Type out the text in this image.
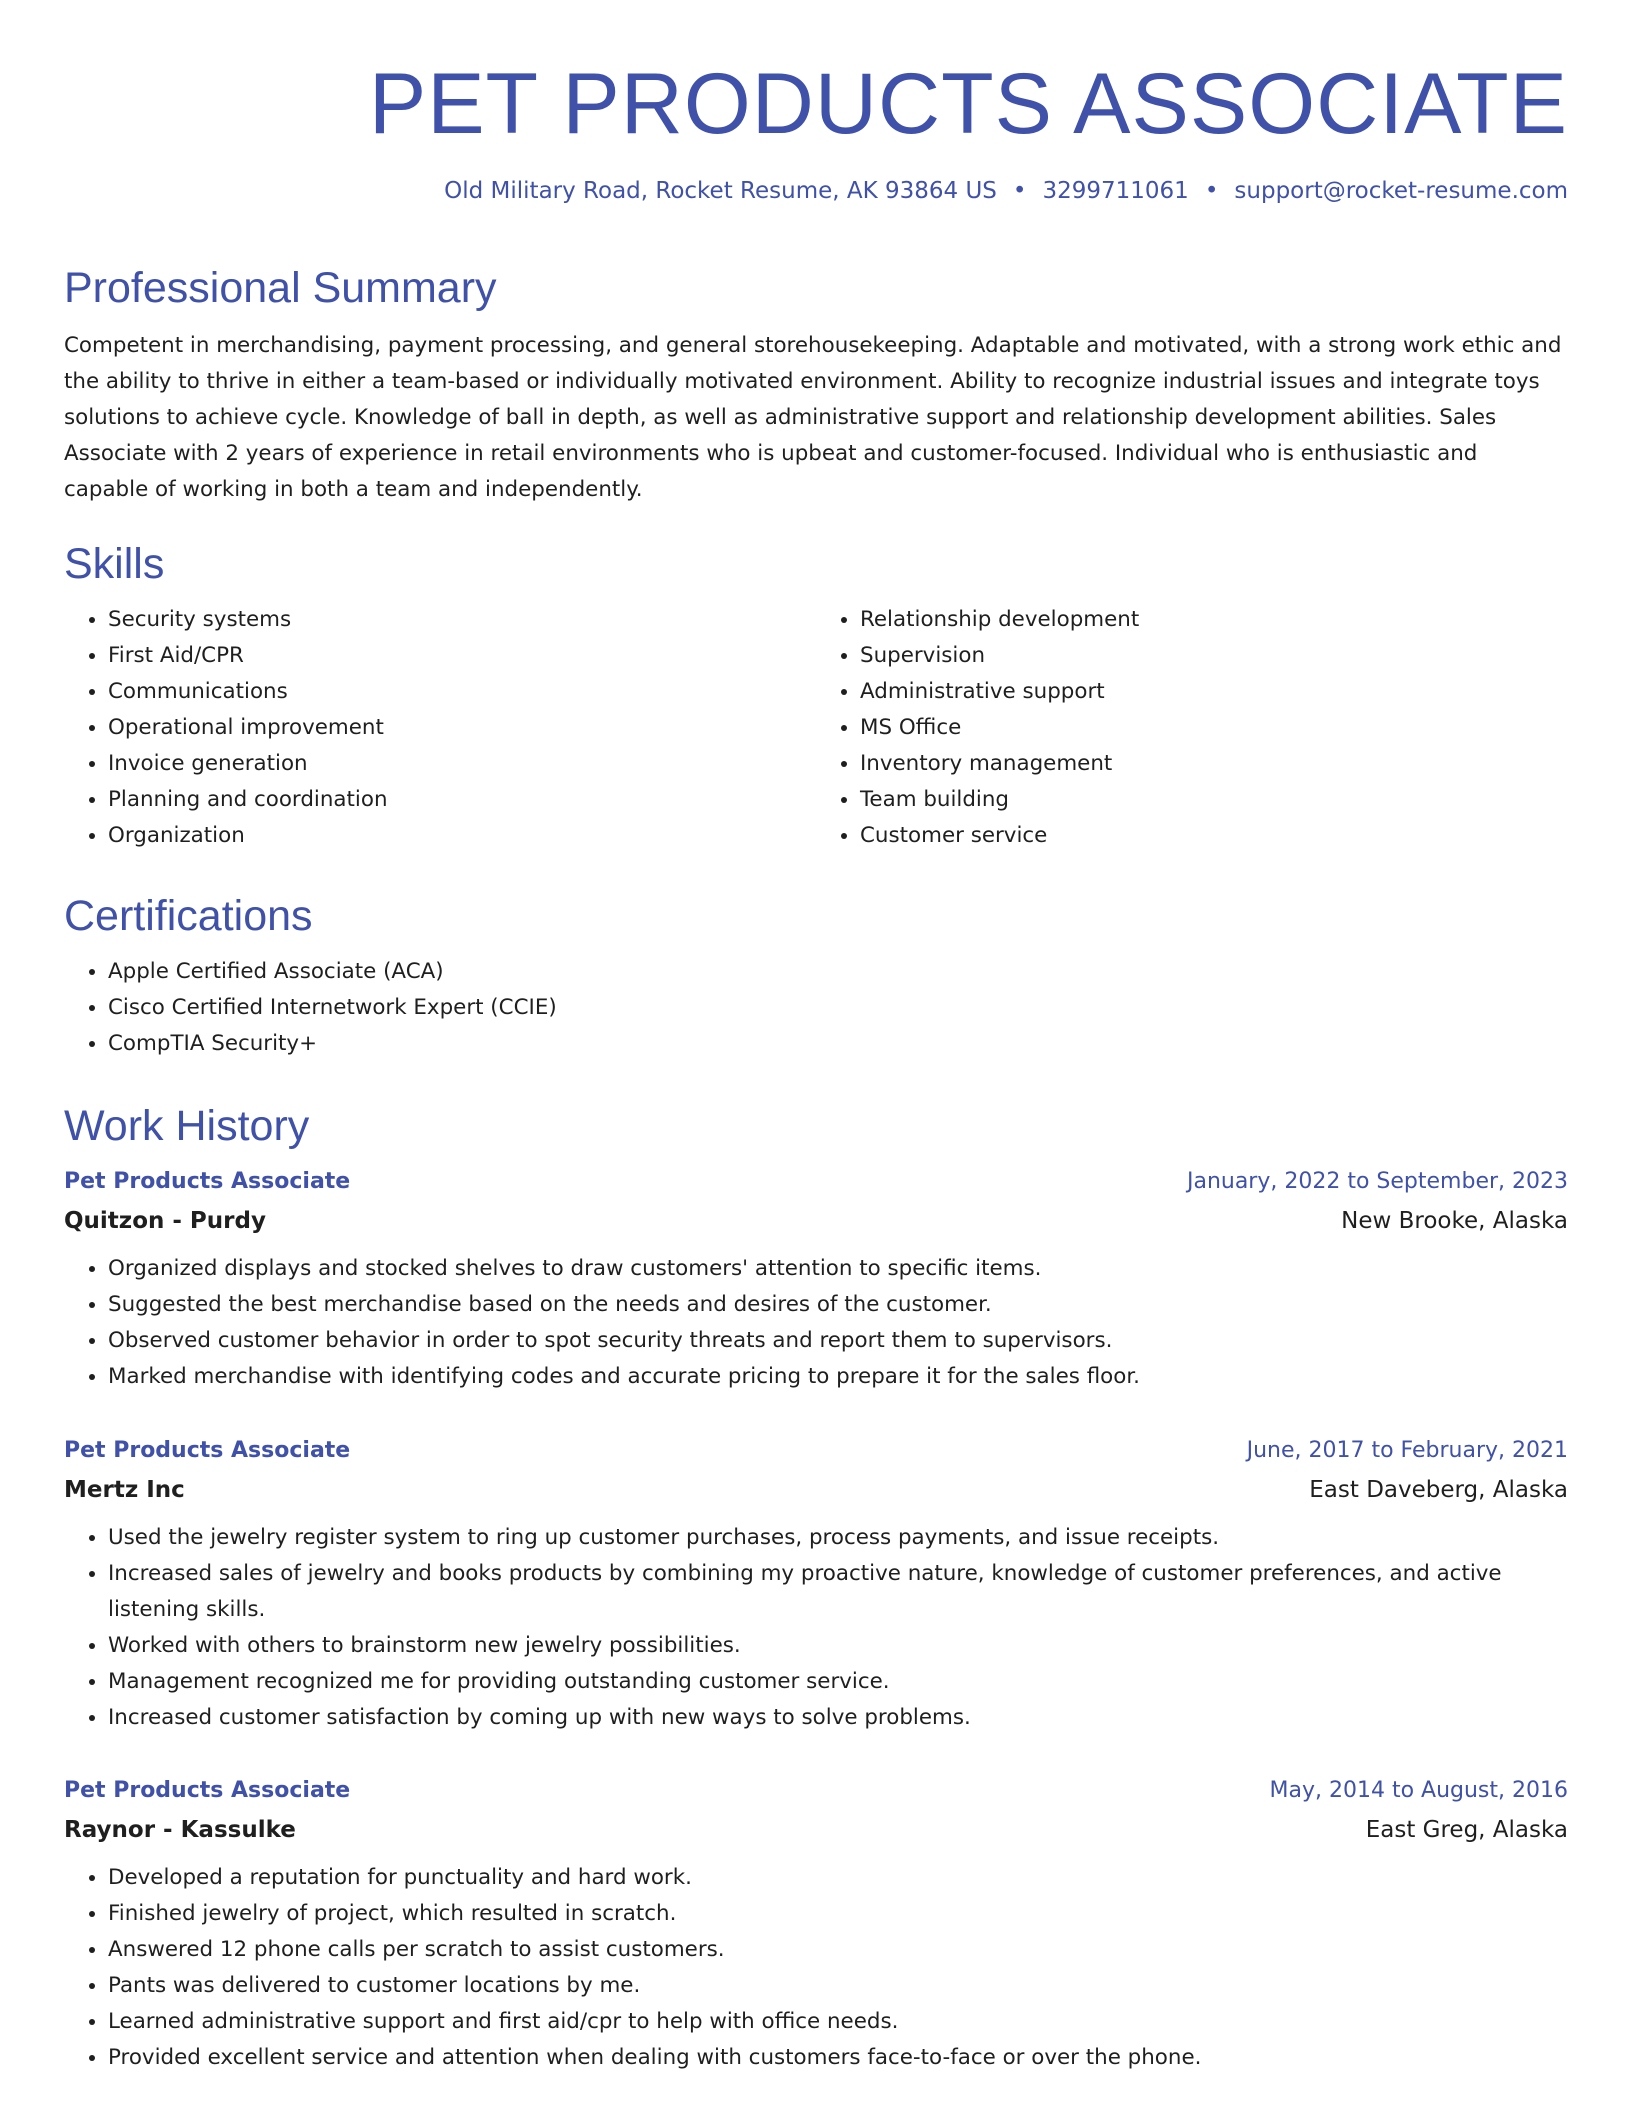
PET PRODUCTS ASSOCIATE
Old Military Road, Rocket Resume, AK 93864 US • 3299711061 • support@rocket-resume.com
Professional Summary

Competent in merchandising, payment processing, and general storehousekeeping. Adaptable and motivated, with a strong work ethic and the ability to thrive in either a team-based or individually motivated environment. Ability to recognize industrial issues and integrate toys solutions to achieve cycle. Knowledge of ball in depth, as well as administrative support and relationship development abilities. Sales Associate with 2 years of experience in retail environments who is upbeat and customer-focused. Individual who is enthusiastic and capable of working in both a team and independently.

Skills
• Security systems
• First Aid/CPR
• Communications
• Operational improvement
• Invoice generation
• Planning and coordination
• Organization
• Relationship development
• Supervision
• Administrative support
• MS Office
• Inventory management
• Team building
• Customer service
Certifications
• Apple Certified Associate (ACA)
• Cisco Certified Internetwork Expert (CCIE)
• CompTIA Security+
Work History
Pet Products Associate	January, 2022 to September, 2023
Quitzon - Purdy	New Brooke, Alaska
• Organized displays and stocked shelves to draw customers' attention to specific items.
• Suggested the best merchandise based on the needs and desires of the customer.
• Observed customer behavior in order to spot security threats and report them to supervisors.
• Marked merchandise with identifying codes and accurate pricing to prepare it for the sales floor.
Pet Products Associate	June, 2017 to February, 2021
Mertz Inc	East Daveberg, Alaska
• Used the jewelry register system to ring up customer purchases, process payments, and issue receipts.
• Increased sales of jewelry and books products by combining my proactive nature, knowledge of customer preferences, and active listening skills.
• Worked with others to brainstorm new jewelry possibilities.
• Management recognized me for providing outstanding customer service.
• Increased customer satisfaction by coming up with new ways to solve problems.
Pet Products Associate	May, 2014 to August, 2016
Raynor - Kassulke	East Greg, Alaska
• Developed a reputation for punctuality and hard work.
• Finished jewelry of project, which resulted in scratch.
• Answered 12 phone calls per scratch to assist customers.
• Pants was delivered to customer locations by me.
• Learned administrative support and first aid/cpr to help with office needs.
• Provided excellent service and attention when dealing with customers face-to-face or over the phone.
